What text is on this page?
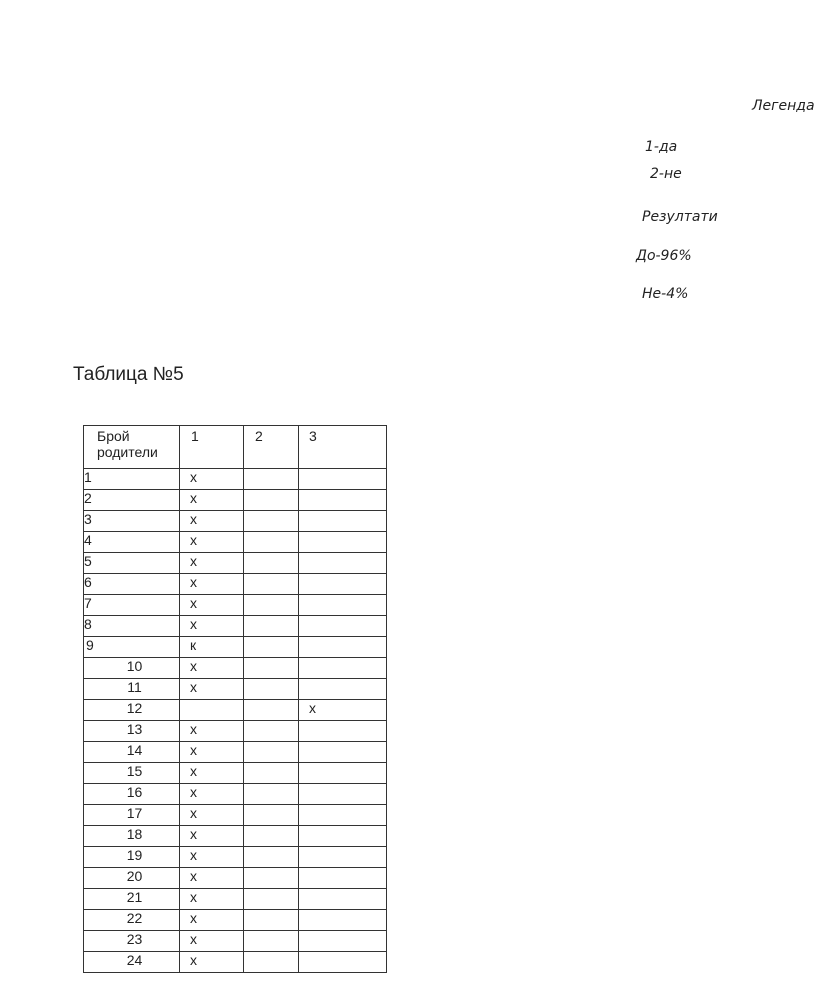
Легенда
1-да
2-не
Резултати
До-96%
Не-4%
Таблица №5
Брой родители	1	2	3
1	х		
2	х		
3	х		
4	х		
5	х		
6	х		
7	х		
8	х		
9	к		
10	х		
11	х		
12			х
13	х		
14	х		
15	х		
16	х		
17	х		
18	х		
19	х		
20	х		
21	х		
22	х		
23	х		
24	х		
